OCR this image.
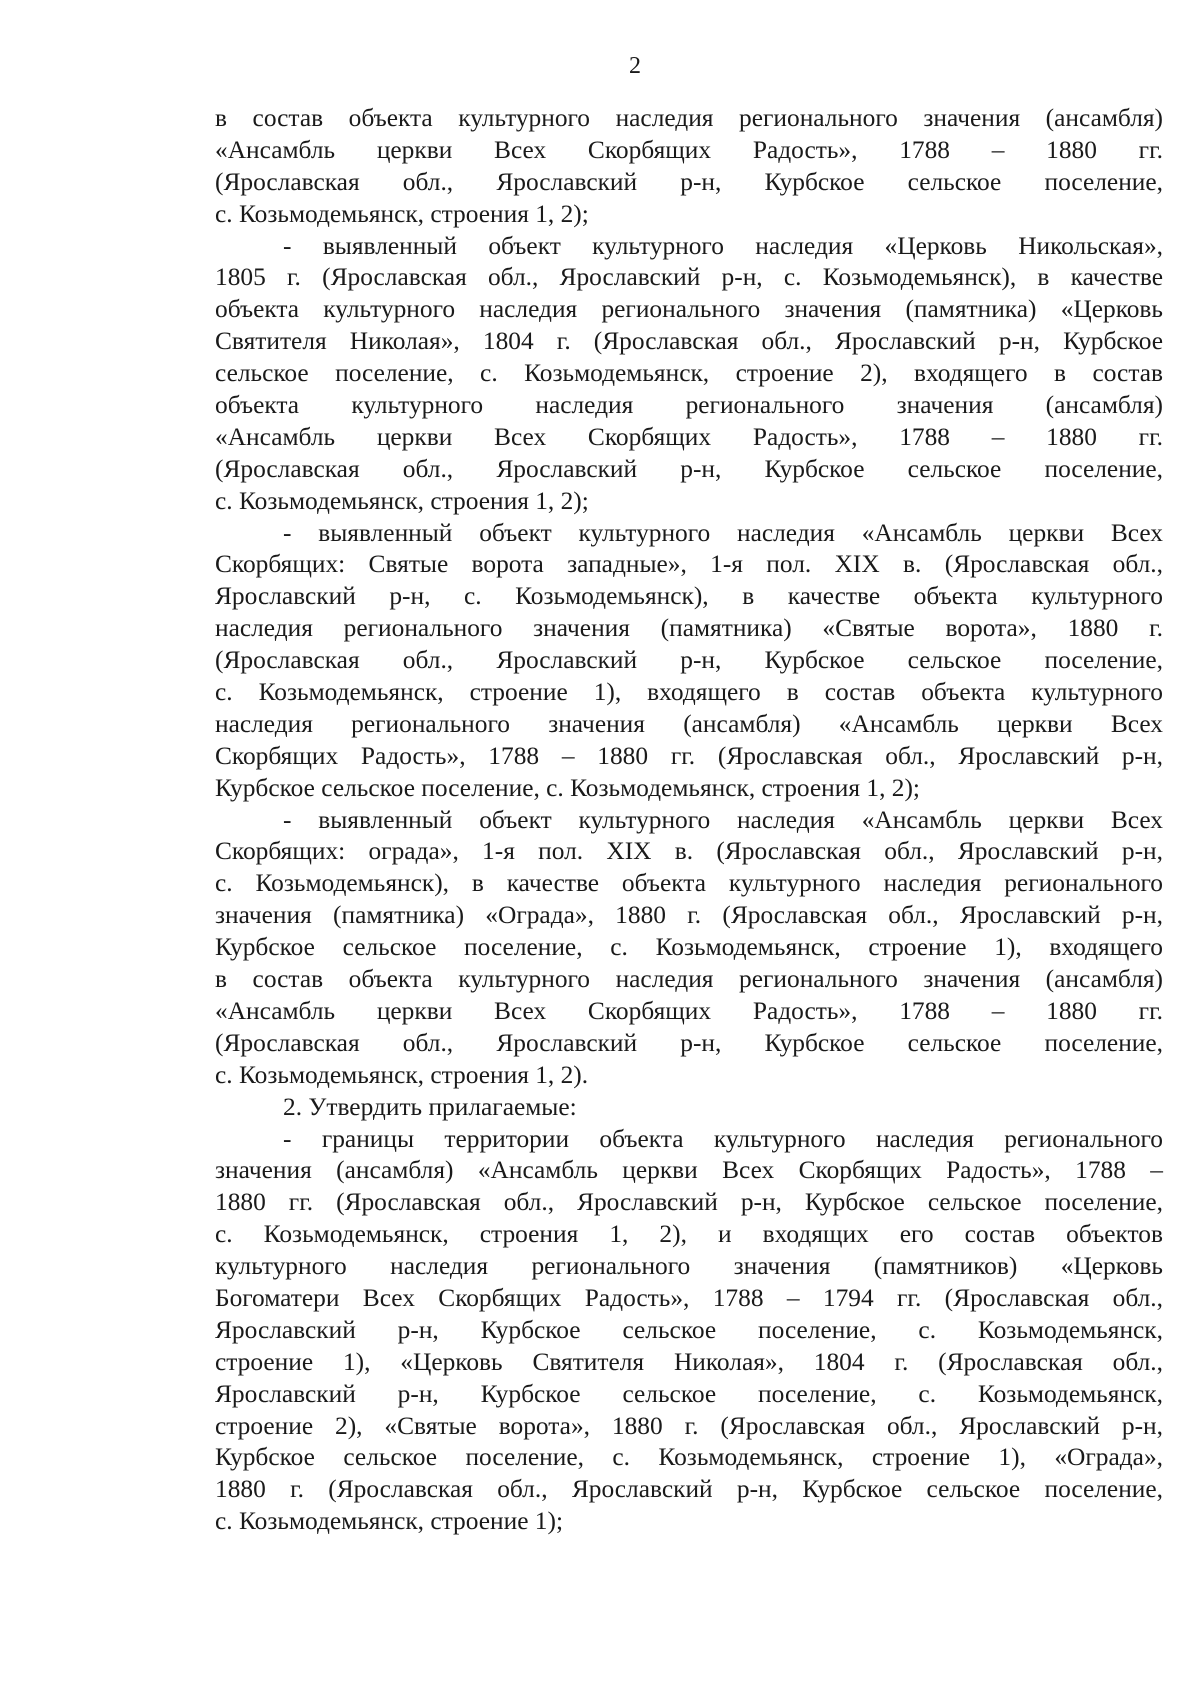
2
в состав объекта культурного наследия регионального значения (ансамбля)
«Ансамбль церкви Всех Скорбящих Радость», 1788 – 1880 гг.
(Ярославская обл., Ярославский р-н, Курбское сельское поселение,
с. Козьмодемьянск, строения 1, 2);
- выявленный объект культурного наследия «Церковь Никольская»,
1805 г. (Ярославская обл., Ярославский р-н, с. Козьмодемьянск), в качестве
объекта культурного наследия регионального значения (памятника) «Церковь
Святителя Николая», 1804 г. (Ярославская обл., Ярославский р-н, Курбское
сельское поселение, с. Козьмодемьянск, строение 2), входящего в состав
объекта культурного наследия регионального значения (ансамбля)
«Ансамбль церкви Всех Скорбящих Радость», 1788 – 1880 гг.
(Ярославская обл., Ярославский р-н, Курбское сельское поселение,
с. Козьмодемьянск, строения 1, 2);
- выявленный объект культурного наследия «Ансамбль церкви Всех
Скорбящих: Святые ворота западные», 1-я пол. XIX в. (Ярославская обл.,
Ярославский р-н, с. Козьмодемьянск), в качестве объекта культурного
наследия регионального значения (памятника) «Святые ворота», 1880 г.
(Ярославская обл., Ярославский р-н, Курбское сельское поселение,
с. Козьмодемьянск, строение 1), входящего в состав объекта культурного
наследия регионального значения (ансамбля) «Ансамбль церкви Всех
Скорбящих Радость», 1788 – 1880 гг. (Ярославская обл., Ярославский р-н,
Курбское сельское поселение, с. Козьмодемьянск, строения 1, 2);
- выявленный объект культурного наследия «Ансамбль церкви Всех
Скорбящих: ограда», 1-я пол. XIX в. (Ярославская обл., Ярославский р-н,
с. Козьмодемьянск), в качестве объекта культурного наследия регионального
значения (памятника) «Ограда», 1880 г. (Ярославская обл., Ярославский р-н,
Курбское сельское поселение, с. Козьмодемьянск, строение 1), входящего
в состав объекта культурного наследия регионального значения (ансамбля)
«Ансамбль церкви Всех Скорбящих Радость», 1788 – 1880 гг.
(Ярославская обл., Ярославский р-н, Курбское сельское поселение,
с. Козьмодемьянск, строения 1, 2).
2. Утвердить прилагаемые:
- границы территории объекта культурного наследия регионального
значения (ансамбля) «Ансамбль церкви Всех Скорбящих Радость», 1788 –
1880 гг. (Ярославская обл., Ярославский р-н, Курбское сельское поселение,
с. Козьмодемьянск, строения 1, 2), и входящих его состав объектов
культурного наследия регионального значения (памятников) «Церковь
Богоматери Всех Скорбящих Радость», 1788 – 1794 гг. (Ярославская обл.,
Ярославский р-н, Курбское сельское поселение, с. Козьмодемьянск,
строение 1), «Церковь Святителя Николая», 1804 г. (Ярославская обл.,
Ярославский р-н, Курбское сельское поселение, с. Козьмодемьянск,
строение 2), «Святые ворота», 1880 г. (Ярославская обл., Ярославский р-н,
Курбское сельское поселение, с. Козьмодемьянск, строение 1), «Ограда»,
1880 г. (Ярославская обл., Ярославский р-н, Курбское сельское поселение,
с. Козьмодемьянск, строение 1);
